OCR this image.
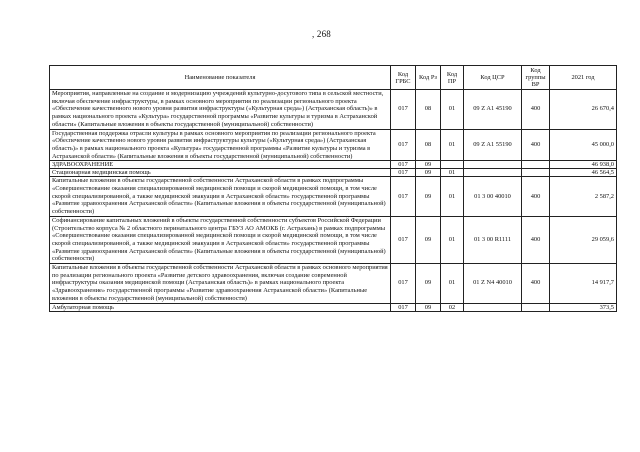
, 268
Наименование показателя	Код ГРБС	Код Рз	Код ПР	Код ЦСР	Код группы ВР	2021 год
Мероприятия, направленные на создание и модернизацию учреждений культурно-досугового типа в сельской местности, включая обеспечение инфраструктуры, в рамках основного мероприятия по реализации регионального проекта «Обеспечение качественного нового уровня развития инфраструктуры («Культурная среда») (Астраханская область)» в рамках национального проекта «Культура» государственной программы «Развитие культуры и туризма в Астраханской области» (Капитальные вложения в объекты государственной (муниципальной) собственности)	017	08	01	09 Z A1 45190	400	26 670,4
Государственная поддержка отрасли культуры в рамках основного мероприятия по реализации регионального проекта «Обеспечение качественно нового уровня развития инфраструктуры культуры («Культурная среда») (Астраханская область)» в рамках национального проекта «Культура» государственной программы «Развитие культуры и туризма в Астраханской области» (Капитальные вложения в объекты государственной (муниципальной) собственности)	017	08	01	09 Z A1 55190	400	45 000,0
ЗДРАВООХРАНЕНИЕ	017	09				46 938,0
Стационарная медицинская помощь	017	09	01			46 564,5
Капитальные вложения в объекты государственной собственности Астраханской области в рамках подпрограммы «Совершенствование оказания специализированной медицинской помощи и скорой медицинской помощи, в том числе скорой специализированной, а также медицинской эвакуации в Астраханской области» государственной программы «Развитие здравоохранения Астраханской области» (Капитальные вложения в объекты государственной (муниципальной) собственности)	017	09	01	01 3 00 40010	400	2 587,2
Софинансирование капитальных вложений в объекты государственной собственности субъектов Российской Федерации (Строительство корпуса № 2 областного перинатального центра ГБУЗ АО АМОКБ (г. Астрахань) в рамках подпрограммы «Совершенствование оказания специализированной медицинской помощи и скорой медицинской помощи, в том числе скорой специализированной, а также медицинской эвакуации в Астраханской области» государственной программы «Развитие здравоохранения Астраханской области» (Капитальные вложения в объекты государственной (муниципальной) собственности)	017	09	01	01 3 00 R1111	400	29 059,6
Капитальные вложения в объекты государственной собственности Астраханской области в рамках основного мероприятия по реализации регионального проекта «Развитие детского здравоохранения, включая создание современной инфраструктуры оказания медицинской помощи (Астраханская область)» в рамках национального проекта «Здравоохранение» государственной программы «Развитие здравоохранения Астраханской области» (Капитальные вложения в объекты государственной (муниципальной) собственности)	017	09	01	01 Z N4 40010	400	14 917,7
Амбулаторная помощь	017	09	02			373,5
